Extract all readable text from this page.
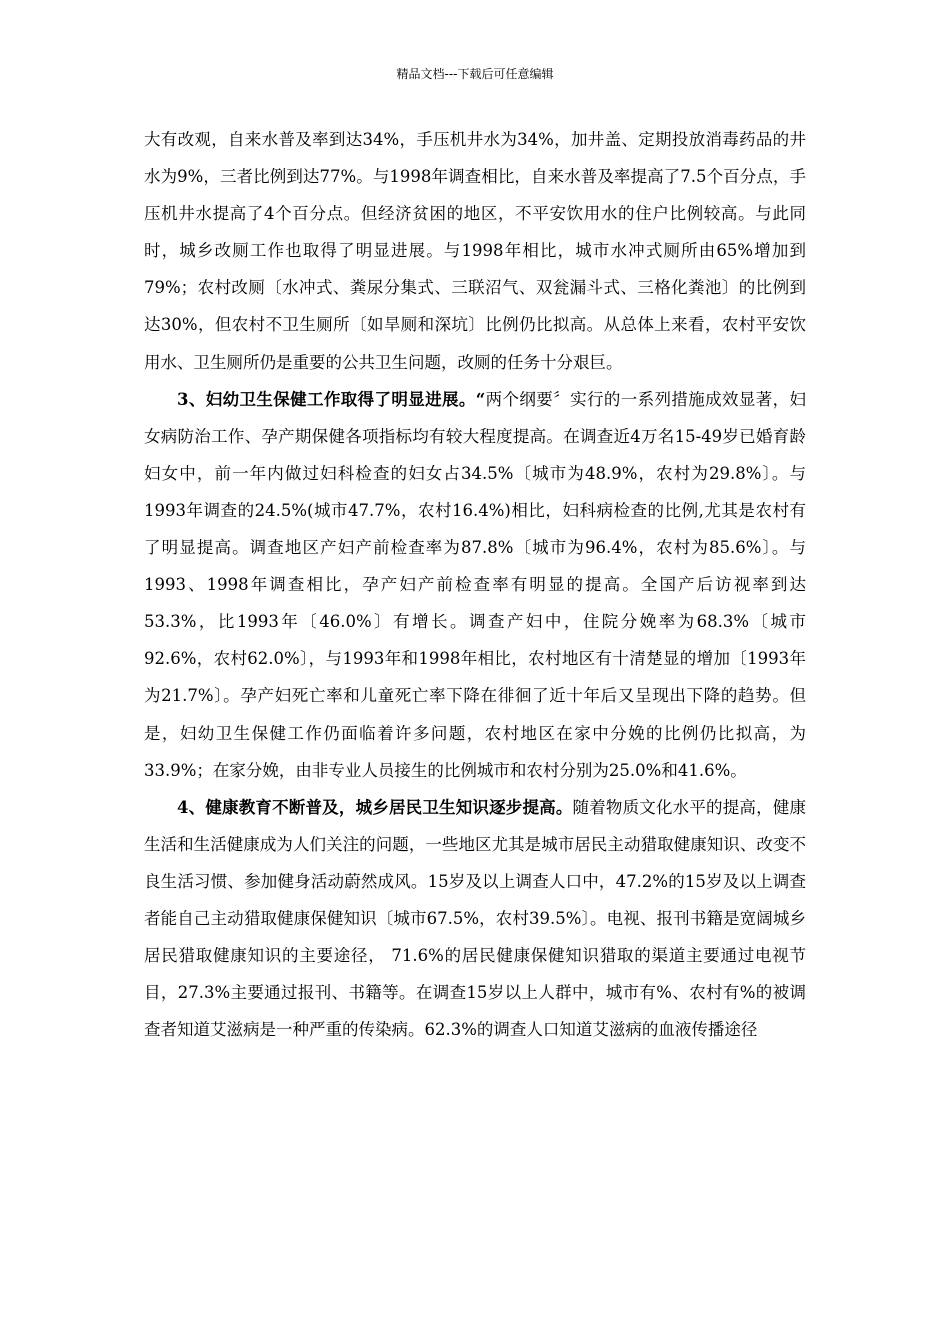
精品文档---下载后可任意编辑

大有改观，自来水普及率到达34%，手压机井水为34%，加井盖、定期投放消毒药品的井水为9%，三者比例到达77%。与1998年调查相比，自来水普及率提高了7.5个百分点，手压机井水提高了4个百分点。但经济贫困的地区，不平安饮用水的住户比例较高。与此同时，城乡改厕工作也取得了明显进展。与1998年相比，城市水冲式厕所由65%增加到79%；农村改厕〔水冲式、粪尿分集式、三联沼气、双瓮漏斗式、三格化粪池〕的比例到达30%，但农村不卫生厕所〔如旱厕和深坑〕比例仍比拟高。从总体上来看，农村平安饮用水、卫生厕所仍是重要的公共卫生问题，改厕的任务十分艰巨。

3、妇幼卫生保健工作取得了明显进展。“两个纲要〞实行的一系列措施成效显著，妇女病防治工作、孕产期保健各项指标均有较大程度提高。在调查近4万名15-49岁已婚育龄妇女中，前一年内做过妇科检查的妇女占34.5%〔城市为48.9%，农村为29.8%〕。与1993年调查的24.5%(城市47.7%，农村16.4%)相比，妇科病检查的比例,尤其是农村有了明显提高。调查地区产妇产前检查率为87.8%〔城市为96.4%，农村为85.6%〕。与1993、1998年调查相比，孕产妇产前检查率有明显的提高。全国产后访视率到达53.3%，比1993年〔46.0%〕有增长。调查产妇中，住院分娩率为68.3%〔城市92.6%，农村62.0%〕，与1993年和1998年相比，农村地区有十清楚显的增加〔1993年为21.7%〕。孕产妇死亡率和儿童死亡率下降在徘徊了近十年后又呈现出下降的趋势。但是，妇幼卫生保健工作仍面临着许多问题，农村地区在家中分娩的比例仍比拟高，为33.9%；在家分娩，由非专业人员接生的比例城市和农村分别为25.0%和41.6%。

4、健康教育不断普及，城乡居民卫生知识逐步提高。随着物质文化水平的提高，健康生活和生活健康成为人们关注的问题，一些地区尤其是城市居民主动猎取健康知识、改变不良生活习惯、参加健身活动蔚然成风。15岁及以上调查人口中，47.2%的15岁及以上调查者能自己主动猎取健康保健知识〔城市67.5%，农村39.5%〕。电视、报刊书籍是宽阔城乡居民猎取健康知识的主要途径， 71.6%的居民健康保健知识猎取的渠道主要通过电视节目，27.3%主要通过报刊、书籍等。在调查15岁以上人群中，城市有%、农村有%的被调查者知道艾滋病是一种严重的传染病。62.3%的调查人口知道艾滋病的血液传播途径
